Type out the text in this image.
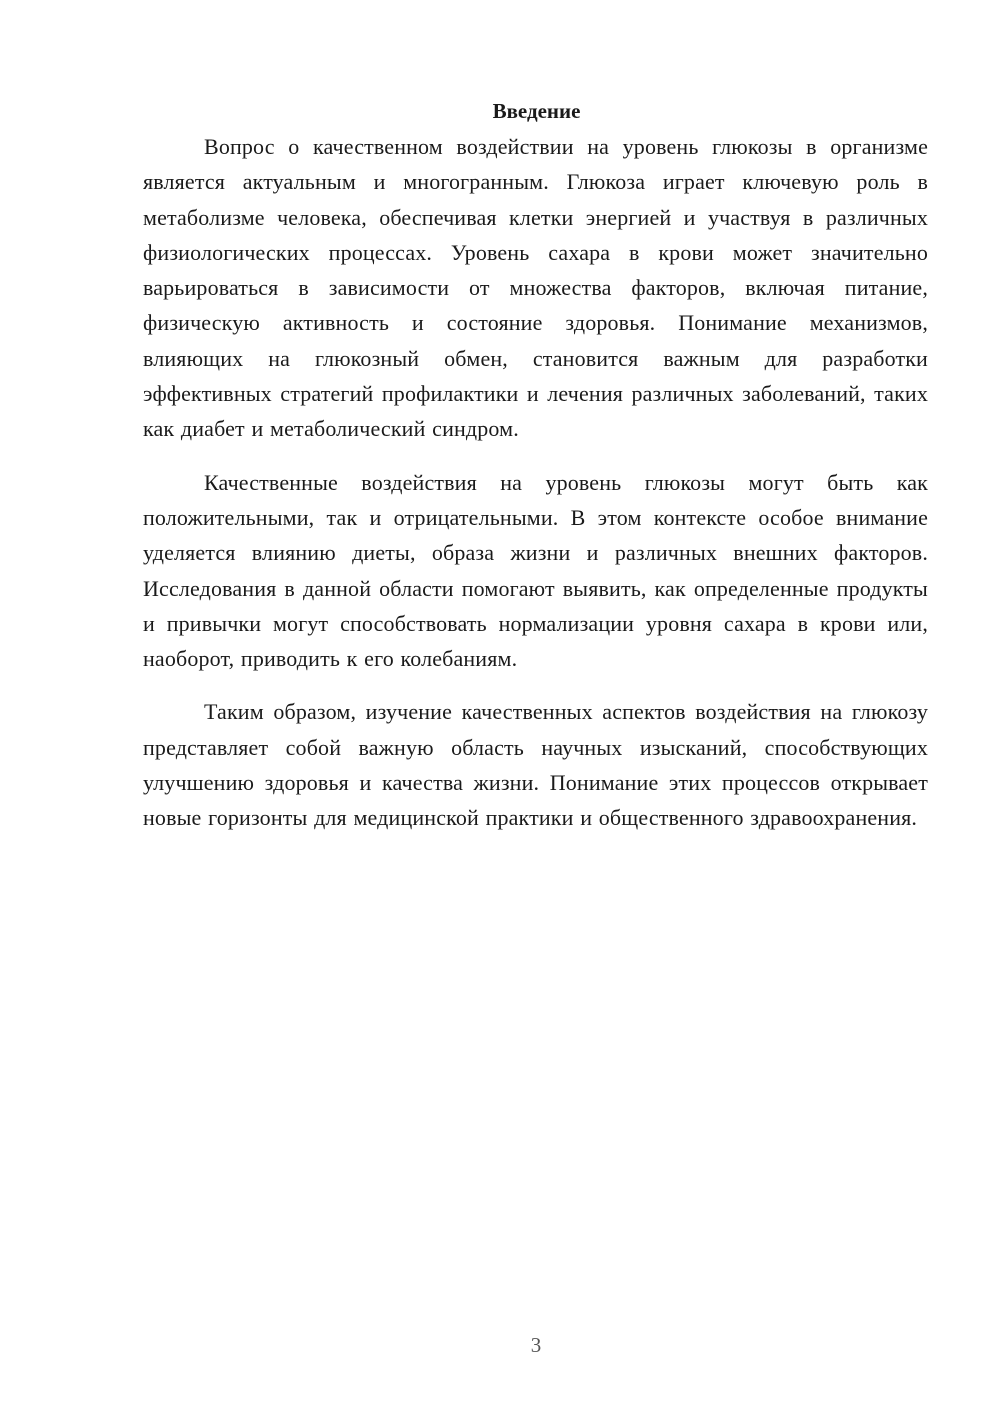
Введение

Вопрос о качественном воздействии на уровень глюкозы в организме является актуальным и многогранным. Глюкоза играет ключевую роль в метаболизме человека, обеспечивая клетки энергией и участвуя в различных физиологических процессах. Уровень сахара в крови может значительно варьироваться в зависимости от множества факторов, включая питание, физическую активность и состояние здоровья. Понимание механизмов, влияющих на глюкозный обмен, становится важным для разработки эффективных стратегий профилактики и лечения различных заболеваний, таких как диабет и метаболический синдром.

Качественные воздействия на уровень глюкозы могут быть как положительными, так и отрицательными. В этом контексте особое внимание уделяется влиянию диеты, образа жизни и различных внешних факторов. Исследования в данной области помогают выявить, как определенные продукты и привычки могут способствовать нормализации уровня сахара в крови или, наоборот, приводить к его колебаниям.

Таким образом, изучение качественных аспектов воздействия на глюкозу представляет собой важную область научных изысканий, способствующих улучшению здоровья и качества жизни. Понимание этих процессов открывает новые горизонты для медицинской практики и общественного здравоохранения.

3
